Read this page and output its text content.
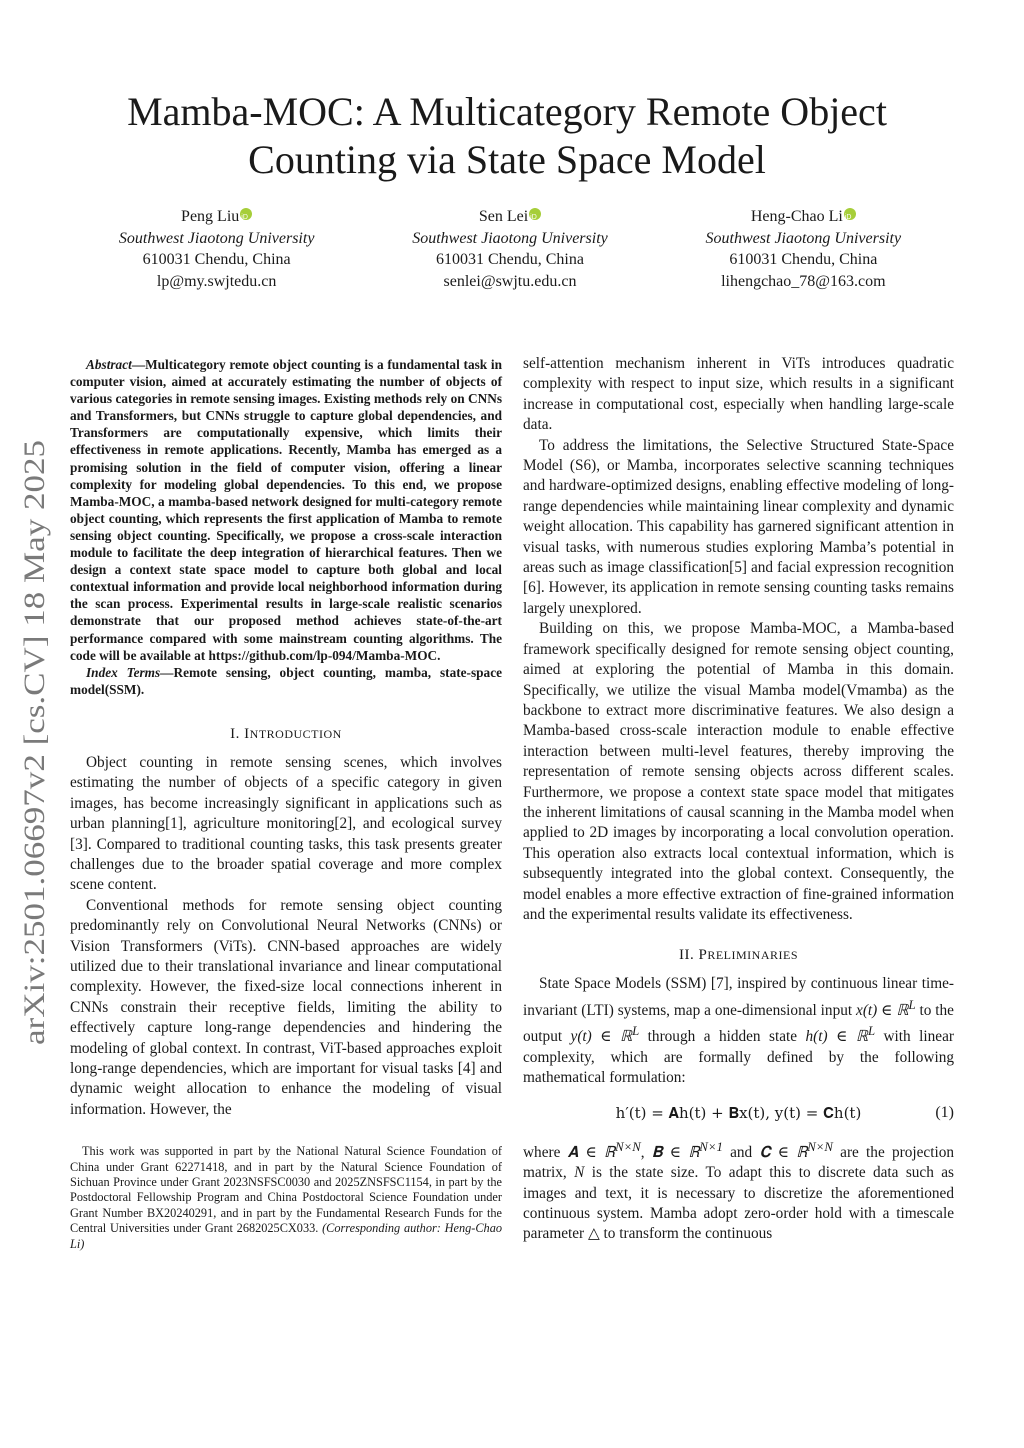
arXiv:2501.06697v2 [cs.CV] 18 May 2025
Mamba-MOC: A Multicategory Remote Object
Counting via State Space Model
Peng LiuiD
Southwest Jiaotong University
610031 Chendu, China
lp@my.swjtedu.cn
Sen LeiiD
Southwest Jiaotong University
610031 Chendu, China
senlei@swjtu.edu.cn
Heng-Chao LiiD
Southwest Jiaotong University
610031 Chendu, China
lihengchao_78@163.com

Abstract—Multicategory remote object counting is a fundamental task in computer vision, aimed at accurately estimating the number of objects of various categories in remote sensing images. Existing methods rely on CNNs and Transformers, but CNNs struggle to capture global dependencies, and Transformers are computationally expensive, which limits their effectiveness in remote applications. Recently, Mamba has emerged as a promising solution in the field of computer vision, offering a linear complexity for modeling global dependencies. To this end, we propose Mamba-MOC, a mamba-based network designed for multi-category remote object counting, which represents the first application of Mamba to remote sensing object counting. Specifically, we propose a cross-scale interaction module to facilitate the deep integration of hierarchical features. Then we design a context state space model to capture both global and local contextual information and provide local neighborhood information during the scan process. Experimental results in large-scale realistic scenarios demonstrate that our proposed method achieves state-of-the-art performance compared with some mainstream counting algorithms. The code will be available at https://github.com/lp-094/Mamba-MOC.

Index Terms—Remote sensing, object counting, mamba, state-space model(SSM).

I. INTRODUCTION

Object counting in remote sensing scenes, which involves estimating the number of objects of a specific category in given images, has become increasingly significant in applications such as urban planning[1], agriculture monitoring[2], and ecological survey [3]. Compared to traditional counting tasks, this task presents greater challenges due to the broader spatial coverage and more complex scene content.

Conventional methods for remote sensing object counting predominantly rely on Convolutional Neural Networks (CNNs) or Vision Transformers (ViTs). CNN-based approaches are widely utilized due to their translational invariance and linear computational complexity. However, the fixed-size local connections inherent in CNNs constrain their receptive fields, limiting the ability to effectively capture long-range dependencies and hindering the modeling of global context. In contrast, ViT-based approaches exploit long-range dependencies, which are important for visual tasks [4] and dynamic weight allocation to enhance the modeling of visual information. However, the

This work was supported in part by the National Natural Science Foundation of China under Grant 62271418, and in part by the Natural Science Foundation of Sichuan Province under Grant 2023NSFSC0030 and 2025ZNSFSC1154, in part by the Postdoctoral Fellowship Program and China Postdoctoral Science Foundation under Grant Number BX20240291, and in part by the Fundamental Research Funds for the Central Universities under Grant 2682025CX033. (Corresponding author: Heng-Chao Li)

self-attention mechanism inherent in ViTs introduces quadratic complexity with respect to input size, which results in a significant increase in computational cost, especially when handling large-scale data.

To address the limitations, the Selective Structured State-Space Model (S6), or Mamba, incorporates selective scanning techniques and hardware-optimized designs, enabling effective modeling of long-range dependencies while maintaining linear complexity and dynamic weight allocation. This capability has garnered significant attention in visual tasks, with numerous studies exploring Mamba’s potential in areas such as image classification[5] and facial expression recognition [6]. However, its application in remote sensing counting tasks remains largely unexplored.

Building on this, we propose Mamba-MOC, a Mamba-based framework specifically designed for remote sensing object counting, aimed at exploring the potential of Mamba in this domain. Specifically, we utilize the visual Mamba model(Vmamba) as the backbone to extract more discriminative features. We also design a Mamba-based cross-scale interaction module to enable effective interaction between multi-level features, thereby improving the representation of remote sensing objects across different scales. Furthermore, we propose a context state space model that mitigates the inherent limitations of causal scanning in the Mamba model when applied to 2D images by incorporating a local convolution operation. This operation also extracts local contextual information, which is subsequently integrated into the global context. Consequently, the model enables a more effective extraction of fine-grained information and the experimental results validate its effectiveness.

II. PRELIMINARIES

State Space Models (SSM) [7], inspired by continuous linear time-invariant (LTI) systems, map a one-dimensional input x(t) ∈ ℝ$^L$ to the output y(t) ∈ ℝ$^L$ through a hidden state h(t) ∈ ℝ$^L$ with linear complexity, which are formally defined by the following mathematical formulation:

h′(t) = 𝐀h(t) + 𝐁x(t), y(t) = 𝐂h(t)	(1)

where 𝐀 ∈ ℝ$^{N\times N}$, 𝐁 ∈ ℝ$^{N\times 1}$ and 𝐂 ∈ ℝ$^{N\times N}$ are the projection matrix, N is the state size. To adapt this to discrete data such as images and text, it is necessary to discretize the aforementioned continuous system. Mamba adopt zero-order hold with a timescale parameter △ to transform the continuous
